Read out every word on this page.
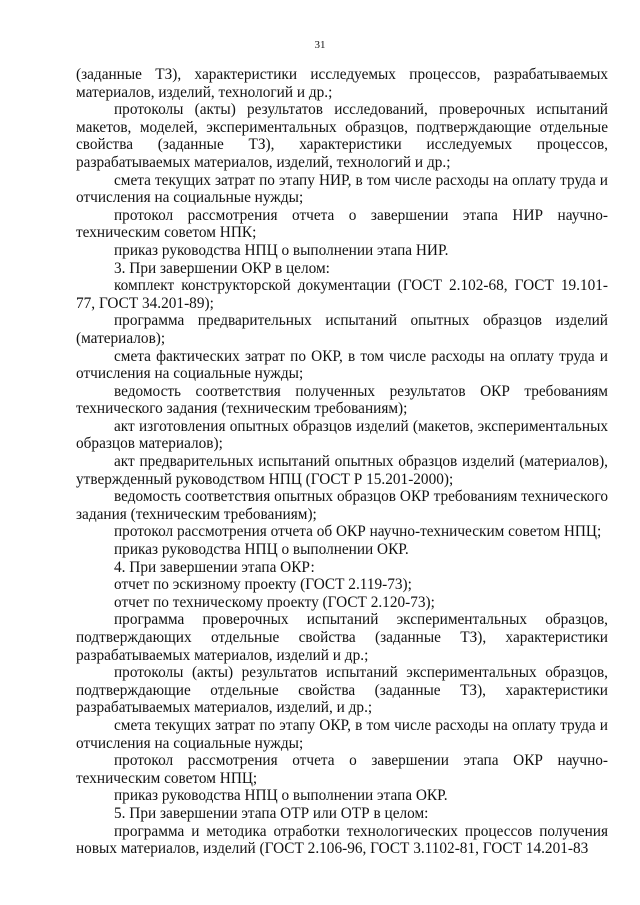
31

(заданные ТЗ), характеристики исследуемых процессов, разрабатываемых материалов, изделий, технологий и др.;

протоколы (акты) результатов исследований, проверочных испытаний макетов, моделей, экспериментальных образцов, подтверждающие отдельные свойства (заданные ТЗ), характеристики исследуемых процессов, разрабатываемых материалов, изделий, технологий и др.;

смета текущих затрат по этапу НИР, в том числе расходы на оплату труда и отчисления на социальные нужды;

протокол рассмотрения отчета о завершении этапа НИР научно-техническим советом НПК;

приказ руководства НПЦ о выполнении этапа НИР.

3. При завершении ОКР в целом:

комплект конструкторской документации (ГОСТ 2.102-68, ГОСТ 19.101-77, ГОСТ 34.201-89);

программа предварительных испытаний опытных образцов изделий (материалов);

смета фактических затрат по ОКР, в том числе расходы на оплату труда и отчисления на социальные нужды;

ведомость соответствия полученных результатов ОКР требованиям технического задания (техническим требованиям);

акт изготовления опытных образцов изделий (макетов, экспериментальных образцов материалов);

акт предварительных испытаний опытных образцов изделий (материалов), утвержденный руководством НПЦ (ГОСТ Р 15.201-2000);

ведомость соответствия опытных образцов ОКР требованиям технического задания (техническим требованиям);

протокол рассмотрения отчета об ОКР научно-техническим советом НПЦ;

приказ руководства НПЦ о выполнении ОКР.

4. При завершении этапа ОКР:

отчет по эскизному проекту (ГОСТ 2.119-73);

отчет по техническому проекту (ГОСТ 2.120-73);

программа проверочных испытаний экспериментальных образцов, подтверждающих отдельные свойства (заданные ТЗ), характеристики разрабатываемых материалов, изделий и др.;

протоколы (акты) результатов испытаний экспериментальных образцов, подтверждающие отдельные свойства (заданные ТЗ), характеристики разрабатываемых материалов, изделий, и др.;

смета текущих затрат по этапу ОКР, в том числе расходы на оплату труда и отчисления на социальные нужды;

протокол рассмотрения отчета о завершении этапа ОКР научно-техническим советом НПЦ;

приказ руководства НПЦ о выполнении этапа ОКР.

5. При завершении этапа ОТР или ОТР в целом:

программа и методика отработки технологических процессов получения новых материалов, изделий (ГОСТ 2.106-96, ГОСТ 3.1102-81, ГОСТ 14.201-83
